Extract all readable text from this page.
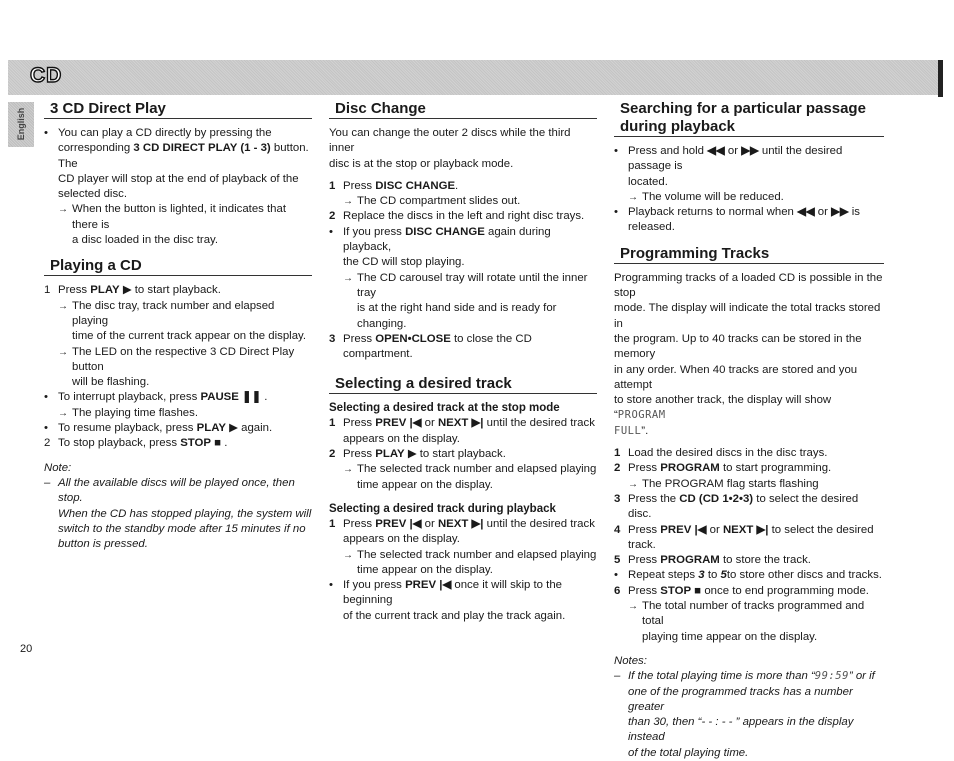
CD
English	3 CD Direct Play
• You can play a CD directly by pressing the
corresponding 3 CD DIRECT PLAY (1 - 3) button. The
CD player will stop at the end of playback of the
selected disc.
→ When the button is lighted, it indicates that there is
a disc loaded in the disc tray.
Playing a CD
1 Press PLAY ▶ to start playback.
→ The disc tray, track number and elapsed playing
time of the current track appear on the display.
→ The LED on the respective 3 CD Direct Play button
will be flashing.
• To interrupt playback, press PAUSE ❚❚ .
→ The playing time flashes.
• To resume playback, press PLAY ▶ again.
2 To stop playback, press STOP ■ .
Note:
– All the available discs will be played once, then stop.
When the CD has stopped playing, the system will
switch to the standby mode after 15 minutes if no
button is pressed.
Disc Change
You can change the outer 2 discs while the third inner
disc is at the stop or playback mode.
1 Press DISC CHANGE.
→ The CD compartment slides out.
2 Replace the discs in the left and right disc trays.
• If you press DISC CHANGE again during playback,
the CD will stop playing.
→ The CD carousel tray will rotate until the inner tray
is at the right hand side and is ready for changing.
3 Press OPEN•CLOSE to close the CD compartment.
Selecting a desired track
Selecting a desired track at the stop mode
1 Press PREV |◀ or NEXT ▶| until the desired track
appears on the display.
2 Press PLAY ▶ to start playback.
→ The selected track number and elapsed playing
time appear on the display.
Selecting a desired track during playback
1 Press PREV |◀ or NEXT ▶| until the desired track
appears on the display.
→ The selected track number and elapsed playing
time appear on the display.
• If you press PREV |◀ once it will skip to the beginning
of the current track and play the track again.
Searching for a particular passage
during playback
• Press and hold ◀◀ or ▶▶ until the desired passage is
located.
→ The volume will be reduced.
• Playback returns to normal when ◀◀ or ▶▶ is
released.
Programming Tracks
Programming tracks of a loaded CD is possible in the stop
mode. The display will indicate the total tracks stored in
the program. Up to 40 tracks can be stored in the memory
in any order. When 40 tracks are stored and you attempt
to store another track, the display will show “PROGRAM
FULL”.
1 Load the desired discs in the disc trays.
2 Press PROGRAM to start programming.
→ The PROGRAM flag starts flashing
3 Press the CD (CD 1•2•3) to select the desired disc.
4 Press PREV |◀ or NEXT ▶| to select the desired
track.
5 Press PROGRAM to store the track.
• Repeat steps 3 to 5to store other discs and tracks.
6 Press STOP ■ once to end programming mode.
→ The total number of tracks programmed and total
playing time appear on the display.
Notes:
– If the total playing time is more than “99:59” or if
one of the programmed tracks has a number greater
than 30, then “- - : - - ” appears in the display instead
of the total playing time.
20
